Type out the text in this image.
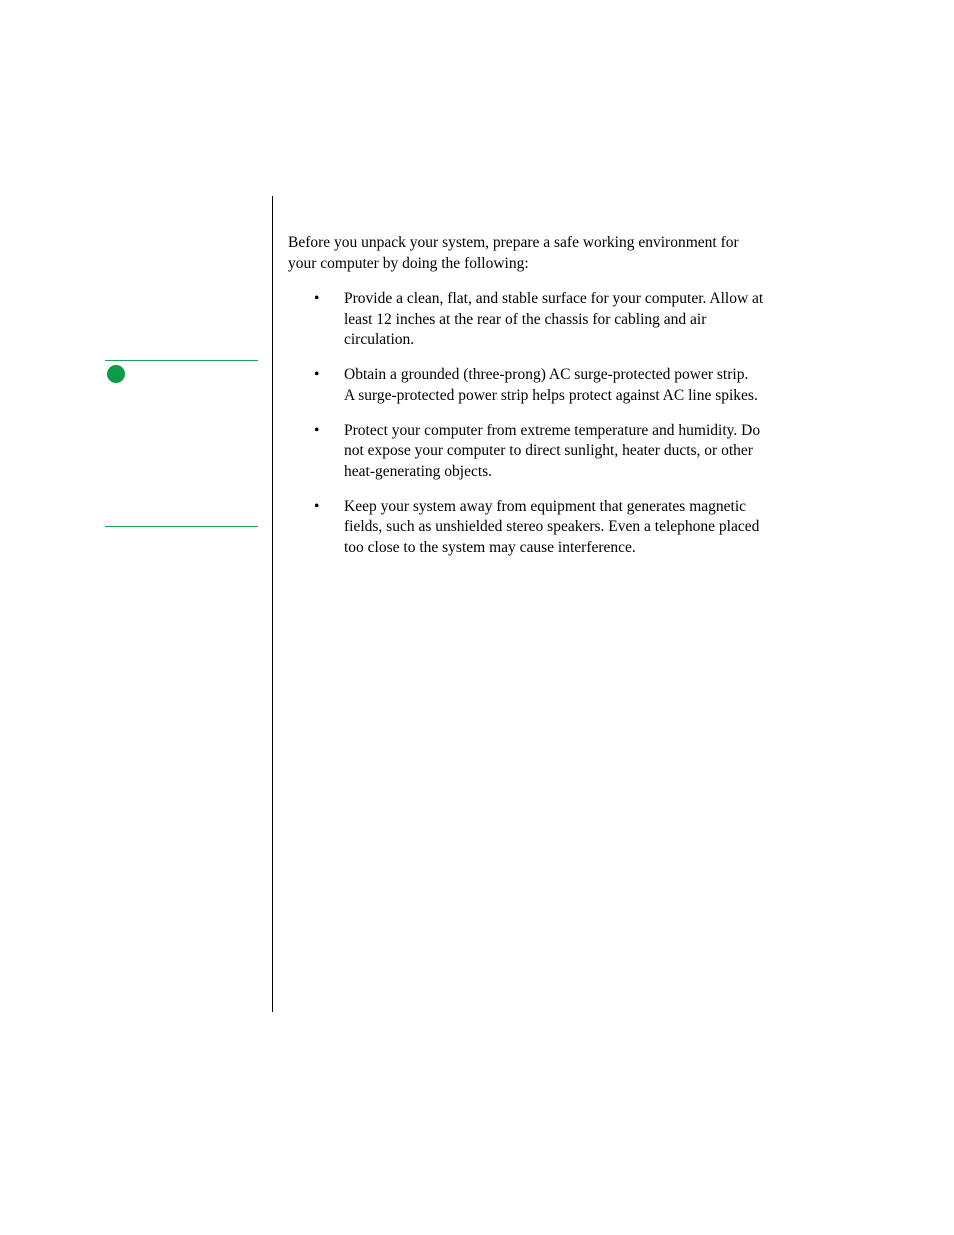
Before you unpack your system, prepare a safe working environment for
your computer by doing the following:

•	Provide a clean, flat, and stable surface for your computer. Allow at
least 12 inches at the rear of the chassis for cabling and air
circulation.
•	Obtain a grounded (three-prong) AC surge-protected power strip.
A surge-protected power strip helps protect against AC line spikes.
•	Protect your computer from extreme temperature and humidity. Do
not expose your computer to direct sunlight, heater ducts, or other
heat-generating objects.
•	Keep your system away from equipment that generates magnetic
fields, such as unshielded stereo speakers. Even a telephone placed
too close to the system may cause interference.
